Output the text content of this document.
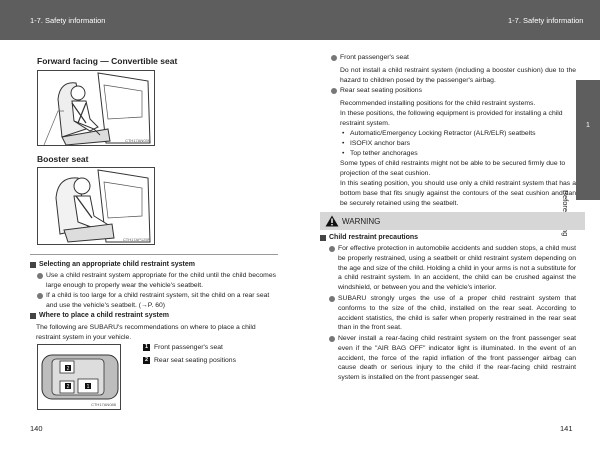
1-7. Safety information	1-7. Safety information
1
Forward facing — Convertible seat
CTH17AN039
Booster seat
CTH17AP125F
Selecting an appropriate child restraint system
Use a child restraint system appropriate for the child until the child becomes large enough to properly wear the vehicle's seatbelt.
If a child is too large for a child restraint system, sit the child on a rear seat and use the vehicle's seatbelt. (→P. 60)
Where to place a child restraint system
The following are SUBARU's recommendations on where to place a child restraint system in your vehicle.
2
2	1
CTH17AN088
1 Front passenger's seat
2 Rear seat seating positions
140
Front passenger's seat
Do not install a child restraint system (including a booster cushion) due to the hazard to children posed by the passenger's airbag.
Rear seat seating positions
Recommended installing positions for the child restraint systems.
In these positions, the following equipment is provided for installing a child restraint system.
• Automatic/Emergency Locking Retractor (ALR/ELR) seatbelts
• ISOFIX anchor bars
• Top tether anchorages
Some types of child restraints might not be able to be secured firmly due to projection of the seat cushion.
In this seating position, you should use only a child restraint system that has a bottom base that fits snugly against the contours of the seat cushion and can be securely retained using the seatbelt.
WARNING
Child restraint precautions
For effective protection in automobile accidents and sudden stops, a child must be properly restrained, using a seatbelt or child restraint system depending on the age and size of the child. Holding a child in your arms is not a substitute for a child restraint system. In an accident, the child can be crushed against the windshield, or between you and the vehicle's interior.
SUBARU strongly urges the use of a proper child restraint system that conforms to the size of the child, installed on the rear seat. According to accident statistics, the child is safer when properly restrained in the rear seat than in the front seat.
Never install a rear-facing child restraint system on the front passenger seat even if the "AIR BAG OFF" indicator light is illuminated. In the event of an accident, the force of the rapid inflation of the front passenger airbag can cause death or serious injury to the child if the rear-facing child restraint system is installed on the front passenger seat.
141
